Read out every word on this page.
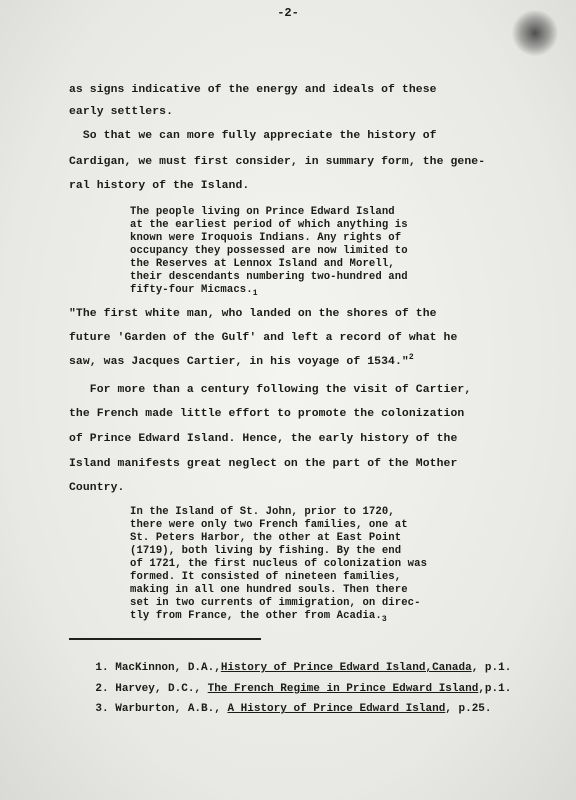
-2-
as signs indicative of the energy and ideals of these
early settlers.
So that we can more fully appreciate the history of
Cardigan, we must first consider, in summary form, the gene-
ral history of the Island.
The people living on Prince Edward Island
at the earliest period of which anything is
known were Iroquois Indians. Any rights of
occupancy they possessed are now limited to
the Reserves at Lennox Island and Morell,
their descendants numbering two-hundred and
fifty-four $Micmacs._1$
"The first white man, who landed on the shores of the
future 'Garden of the Gulf' and left a record of what he
saw, was Jacques Cartier, in his voyage of 1534."$^2$
For more than a century following the visit of Cartier,
the French made little effort to promote the colonization
of Prince Edward Island. Hence, the early history of the
Island manifests great neglect on the part of the Mother
Country.
In the Island of St. John, prior to 1720,
there were only two French families, one at
St. Peters Harbor, the other at East Point
(1719), both living by fishing. By the end
of 1721, the first nucleus of colonization was
formed. It consisted of nineteen families,
making in all one hundred souls. Then there
set in two currents of immigration, on direc-
tly from France, the other from $Acadia._3$

1. MacKinnon, D.A.,History of Prince Edward Island,Canada, p.1.

2. Harvey, D.C., The French Regime in Prince Edward Island,p.1.

3. Warburton, A.B., A History of Prince Edward Island, p.25.
